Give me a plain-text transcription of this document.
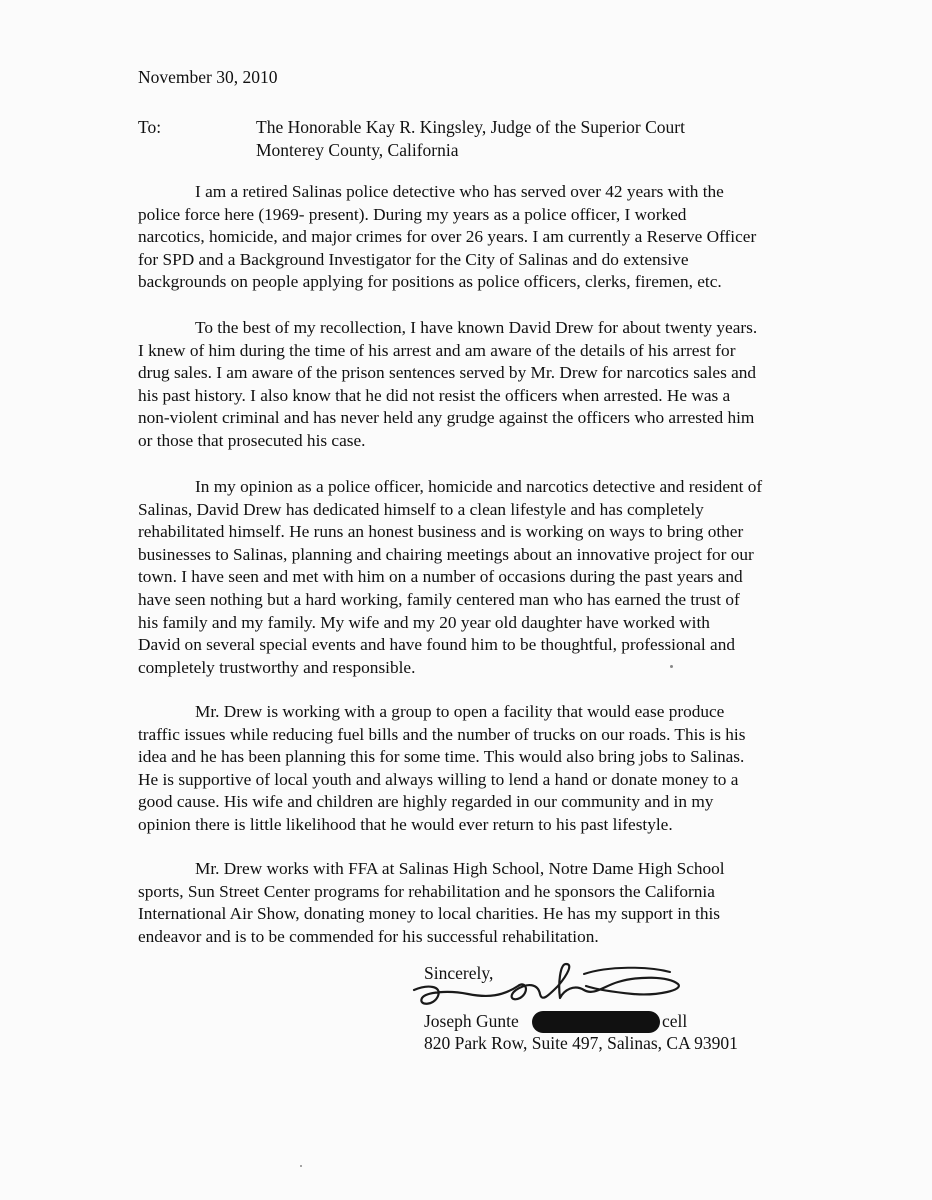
November 30, 2010
To:	The Honorable Kay R. Kingsley, Judge of the Superior Court
Monterey County, California
I am a retired Salinas police detective who has served over 42 years with the
police force here (1969- present). During my years as a police officer, I worked
narcotics, homicide, and major crimes for over 26 years. I am currently a Reserve Officer
for SPD and a Background Investigator for the City of Salinas and do extensive
backgrounds on people applying for positions as police officers, clerks, firemen, etc.
To the best of my recollection, I have known David Drew for about twenty years.
I knew of him during the time of his arrest and am aware of the details of his arrest for
drug sales. I am aware of the prison sentences served by Mr. Drew for narcotics sales and
his past history. I also know that he did not resist the officers when arrested. He was a
non-violent criminal and has never held any grudge against the officers who arrested him
or those that prosecuted his case.
In my opinion as a police officer, homicide and narcotics detective and resident of
Salinas, David Drew has dedicated himself to a clean lifestyle and has completely
rehabilitated himself. He runs an honest business and is working on ways to bring other
businesses to Salinas, planning and chairing meetings about an innovative project for our
town. I have seen and met with him on a number of occasions during the past years and
have seen nothing but a hard working, family centered man who has earned the trust of
his family and my family. My wife and my 20 year old daughter have worked with
David on several special events and have found him to be thoughtful, professional and
completely trustworthy and responsible.
Mr. Drew is working with a group to open a facility that would ease produce
traffic issues while reducing fuel bills and the number of trucks on our roads. This is his
idea and he has been planning this for some time. This would also bring jobs to Salinas.
He is supportive of local youth and always willing to lend a hand or donate money to a
good cause. His wife and children are highly regarded in our community and in my
opinion there is little likelihood that he would ever return to his past lifestyle.
Mr. Drew works with FFA at Salinas High School, Notre Dame High School
sports, Sun Street Center programs for rehabilitation and he sponsors the California
International Air Show, donating money to local charities. He has my support in this
endeavor and is to be commended for his successful rehabilitation.
Sincerely,
Joseph Gunte	cell
820 Park Row, Suite 497, Salinas, CA 93901
